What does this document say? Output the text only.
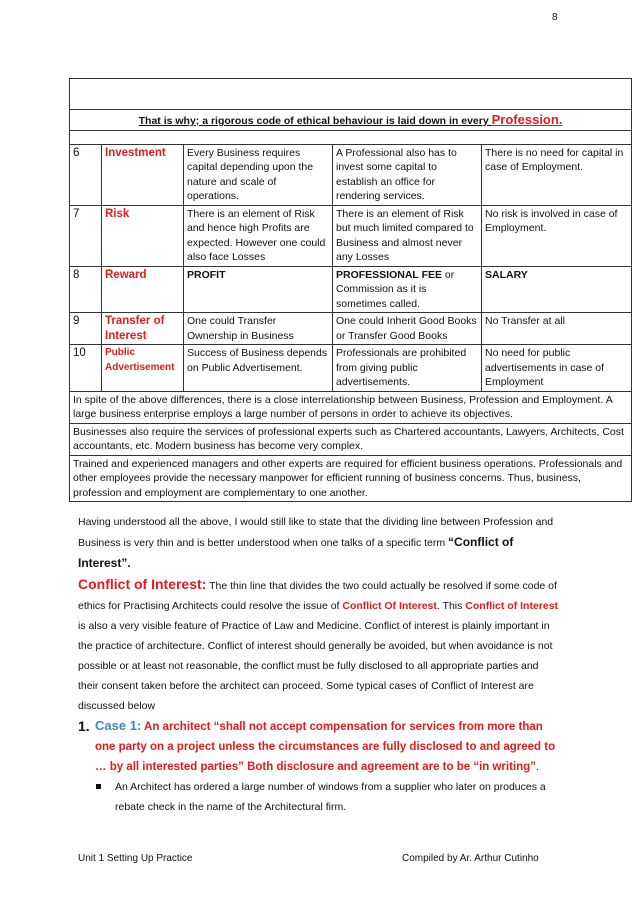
8

That is why; a rigorous code of ethical behaviour is laid down in every Profession.				

6	Investment	Every Business requires capital depending upon the nature and scale of operations.	A Professional also has to invest some capital to establish an office for rendering services.	There is no need for capital in case of Employment.
7	Risk	There is an element of Risk and hence high Profits are expected. However one could also face Losses	There is an element of Risk but much limited compared to Business and almost never any Losses	No risk is involved in case of Employment.
8	Reward	PROFIT	PROFESSIONAL FEE or Commission as it is sometimes called.	SALARY
9	Transfer of Interest	One could Transfer Ownership in Business	One could Inherit Good Books or Transfer Good Books	No Transfer at all
10	Public Advertisement	Success of Business depends on Public Advertisement.	Professionals are prohibited from giving public advertisements.	No need for public advertisements in case of Employment
In spite of the above differences, there is a close interrelationship between Business, Profession and Employment. A large business enterprise employs a large number of persons in order to achieve its objectives.				
Businesses also require the services of professional experts such as Chartered accountants, Lawyers, Architects, Cost accountants, etc. Modern business has become very complex.				
Trained and experienced managers and other experts are required for efficient business operations. Professionals and other employees provide the necessary manpower for efficient running of business concerns. Thus, business, profession and employment are complementary to one another.				

Having understood all the above, I would still like to state that the dividing line between Profession and Business is very thin and is better understood when one talks of a specific term “Conflict of Interest”.

Conflict of Interest: The thin line that divides the two could actually be resolved if some code of ethics for Practising Architects could resolve the issue of Conflict Of Interest. This Conflict of Interest is also a very visible feature of Practice of Law and Medicine. Conflict of interest is plainly important in the practice of architecture. Conflict of interest should generally be avoided, but when avoidance is not possible or at least not reasonable, the conflict must be fully disclosed to all appropriate parties and their consent taken before the architect can proceed. Some typical cases of Conflict of Interest are discussed below

1. Case 1: An architect “shall not accept compensation for services from more than one party on a project unless the circumstances are fully disclosed to and agreed to … by all interested parties” Both disclosure and agreement are to be “in writing”.
An Architect has ordered a large number of windows from a supplier who later on produces a rebate check in the name of the Architectural firm.
Unit 1 Setting Up Practice	Compiled by Ar. Arthur Cutinho
